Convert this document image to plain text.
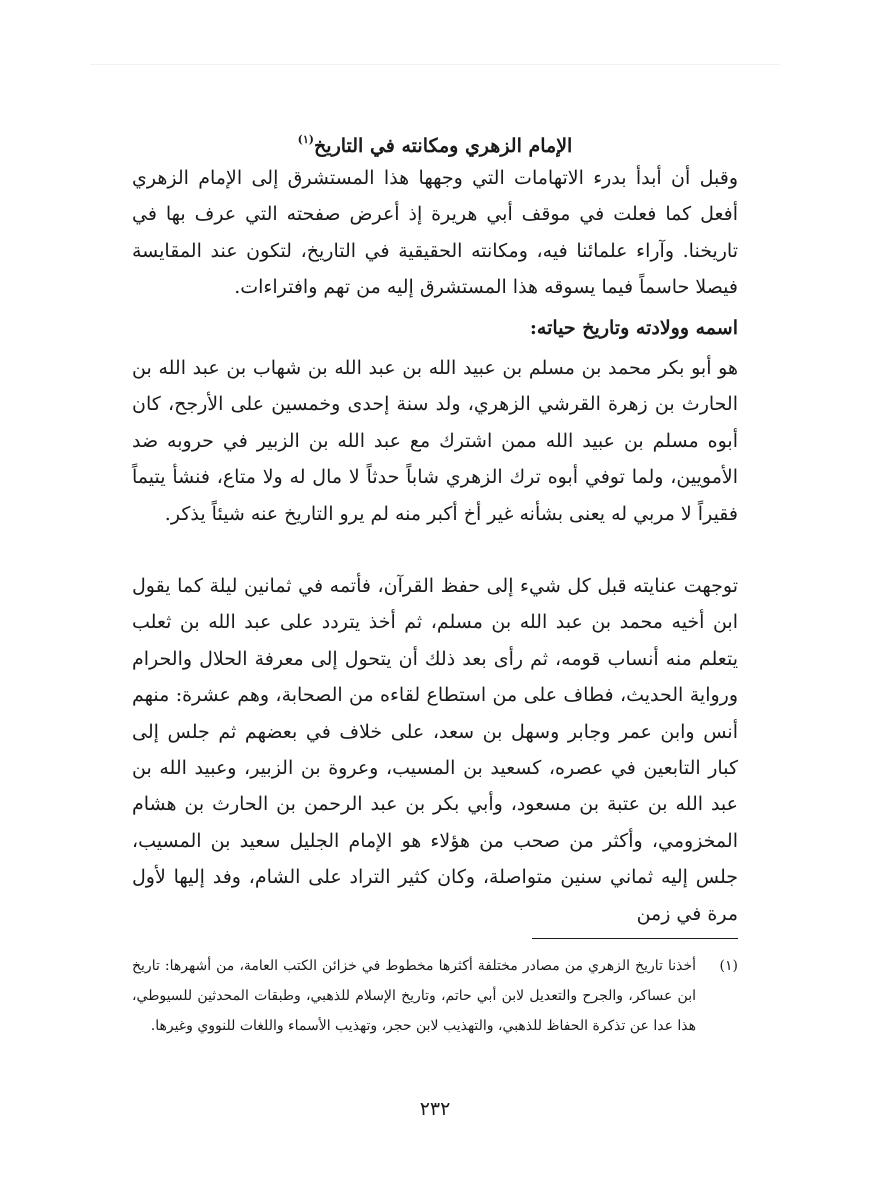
الإمام الزهري ومكانته في التاريخ$^{(١)}$

وقبل أن أبدأ بدرء الاتهامات التي وجهها هذا المستشرق إلى الإمام الزهري أفعل كما فعلت في موقف أبي هريرة إذ أعرض صفحته التي عرف بها في تاريخنا. وآراء علمائنا فيه، ومكانته الحقيقية في التاريخ، لتكون عند المقايسة فيصلا حاسماً فيما يسوقه هذا المستشرق إليه من تهم وافتراءات.

اسمه وولادته وتاريخ حياته:

هو أبو بكر محمد بن مسلم بن عبيد الله بن عبد الله بن شهاب بن عبد الله بن الحارث بن زهرة القرشي الزهري، ولد سنة إحدى وخمسين على الأرجح، كان أبوه مسلم بن عبيد الله ممن اشترك مع عبد الله بن الزبير في حروبه ضد الأمويين، ولما توفي أبوه ترك الزهري شاباً حدثاً لا مال له ولا متاع، فنشأ يتيماً فقيراً لا مربي له يعنى بشأنه غير أخ أكبر منه لم يرو التاريخ عنه شيئاً يذكر.

توجهت عنايته قبل كل شيء إلى حفظ القرآن، فأتمه في ثمانين ليلة كما يقول ابن أخيه محمد بن عبد الله بن مسلم، ثم أخذ يتردد على عبد الله بن ثعلب يتعلم منه أنساب قومه، ثم رأى بعد ذلك أن يتحول إلى معرفة الحلال والحرام ورواية الحديث، فطاف على من استطاع لقاءه من الصحابة، وهم عشرة: منهم أنس وابن عمر وجابر وسهل بن سعد، على خلاف في بعضهم ثم جلس إلى كبار التابعين في عصره، كسعيد بن المسيب، وعروة بن الزبير، وعبيد الله بن عبد الله بن عتبة بن مسعود، وأبي بكر بن عبد الرحمن بن الحارث بن هشام المخزومي، وأكثر من صحب من هؤلاء هو الإمام الجليل سعيد بن المسيب، جلس إليه ثماني سنين متواصلة، وكان كثير التراد على الشام، وفد إليها لأول مرة في زمن

(١)
أخذنا تاريخ الزهري من مصادر مختلفة أكثرها مخطوط في خزائن الكتب العامة، من أشهرها: تاريخ ابن عساكر، والجرح والتعديل لابن أبي حاتم، وتاريخ الإسلام للذهبي، وطبقات المحدثين للسيوطي، هذا عدا عن تذكرة الحفاظ للذهبي، والتهذيب لابن حجر، وتهذيب الأسماء واللغات للنووي وغيرها.

٢٣٢
